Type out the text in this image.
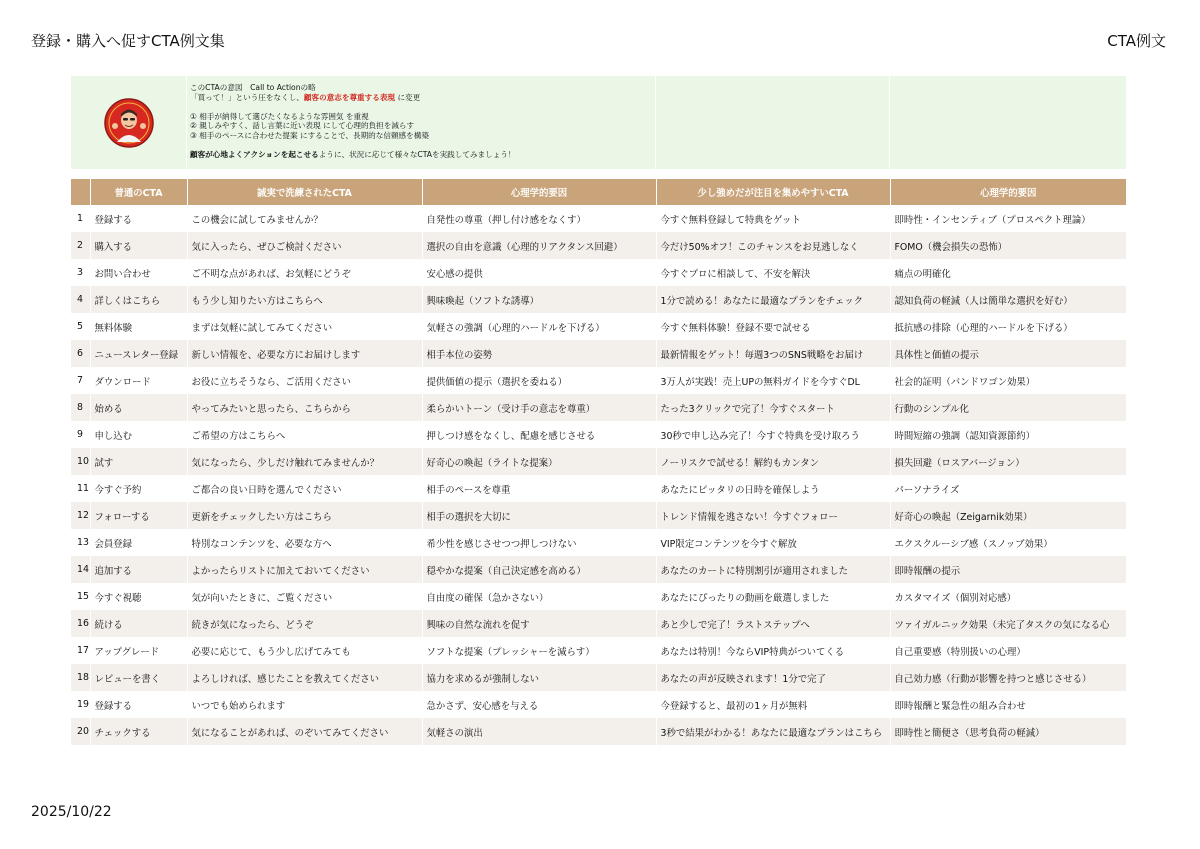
登録・購入へ促すCTA例文集	CTA例文
このCTAの意図　Call to Actionの略
「買って！」という圧をなくし、顧客の意志を尊重する表現 に変更
① 相手が納得して選びたくなるような雰囲気 を重視
② 親しみやすく、話し言葉に近い表現 にして心理的負担を減らす
③ 相手のペースに合わせた提案 にすることで、長期的な信頼感を構築
顧客が心地よくアクションを起こせるように、状況に応じて様々なCTAを実践してみましょう！
	普通のCTA	誠実で洗練されたCTA	心理学的要因	少し強めだが注目を集めやすいCTA	心理学的要因
1	登録する	この機会に試してみませんか？	自発性の尊重（押し付け感をなくす）	今すぐ無料登録して特典をゲット	即時性・インセンティブ（プロスペクト理論）
2	購入する	気に入ったら、ぜひご検討ください	選択の自由を意識（心理的リアクタンス回避）	今だけ50%オフ！このチャンスをお見逃しなく	FOMO（機会損失の恐怖）
3	お問い合わせ	ご不明な点があれば、お気軽にどうぞ	安心感の提供	今すぐプロに相談して、不安を解決	痛点の明確化
4	詳しくはこちら	もう少し知りたい方はこちらへ	興味喚起（ソフトな誘導）	1分で読める！あなたに最適なプランをチェック	認知負荷の軽減（人は簡単な選択を好む）
5	無料体験	まずは気軽に試してみてください	気軽さの強調（心理的ハードルを下げる）	今すぐ無料体験！登録不要で試せる	抵抗感の排除（心理的ハードルを下げる）
6	ニュースレター登録	新しい情報を、必要な方にお届けします	相手本位の姿勢	最新情報をゲット！毎週3つのSNS戦略をお届け	具体性と価値の提示
7	ダウンロード	お役に立ちそうなら、ご活用ください	提供価値の提示（選択を委ねる）	3万人が実践！売上UPの無料ガイドを今すぐDL	社会的証明（バンドワゴン効果）
8	始める	やってみたいと思ったら、こちらから	柔らかいトーン（受け手の意志を尊重）	たった3クリックで完了！今すぐスタート	行動のシンプル化
9	申し込む	ご希望の方はこちらへ	押しつけ感をなくし、配慮を感じさせる	30秒で申し込み完了！今すぐ特典を受け取ろう	時間短縮の強調（認知資源節約）
10	試す	気になったら、少しだけ触れてみませんか？	好奇心の喚起（ライトな提案）	ノーリスクで試せる！解約もカンタン	損失回避（ロスアバージョン）
11	今すぐ予約	ご都合の良い日時を選んでください	相手のペースを尊重	あなたにピッタリの日時を確保しよう	パーソナライズ
12	フォローする	更新をチェックしたい方はこちら	相手の選択を大切に	トレンド情報を逃さない！今すぐフォロー	好奇心の喚起（Zeigarnik効果）
13	会員登録	特別なコンテンツを、必要な方へ	希少性を感じさせつつ押しつけない	VIP限定コンテンツを今すぐ解放	エクスクルーシブ感（スノッブ効果）
14	追加する	よかったらリストに加えておいてください	穏やかな提案（自己決定感を高める）	あなたのカートに特別割引が適用されました	即時報酬の提示
15	今すぐ視聴	気が向いたときに、ご覧ください	自由度の確保（急かさない）	あなたにぴったりの動画を厳選しました	カスタマイズ（個別対応感）
16	続ける	続きが気になったら、どうぞ	興味の自然な流れを促す	あと少しで完了！ラストステップへ	ツァイガルニック効果（未完了タスクの気になる心
17	アップグレード	必要に応じて、もう少し広げてみても	ソフトな提案（プレッシャーを減らす）	あなたは特別！今ならVIP特典がついてくる	自己重要感（特別扱いの心理）
18	レビューを書く	よろしければ、感じたことを教えてください	協力を求めるが強制しない	あなたの声が反映されます！1分で完了	自己効力感（行動が影響を持つと感じさせる）
19	登録する	いつでも始められます	急かさず、安心感を与える	今登録すると、最初の1ヶ月が無料	即時報酬と緊急性の組み合わせ
20	チェックする	気になることがあれば、のぞいてみてください	気軽さの演出	3秒で結果がわかる！あなたに最適なプランはこちら	即時性と簡便さ（思考負荷の軽減）
2025/10/22
